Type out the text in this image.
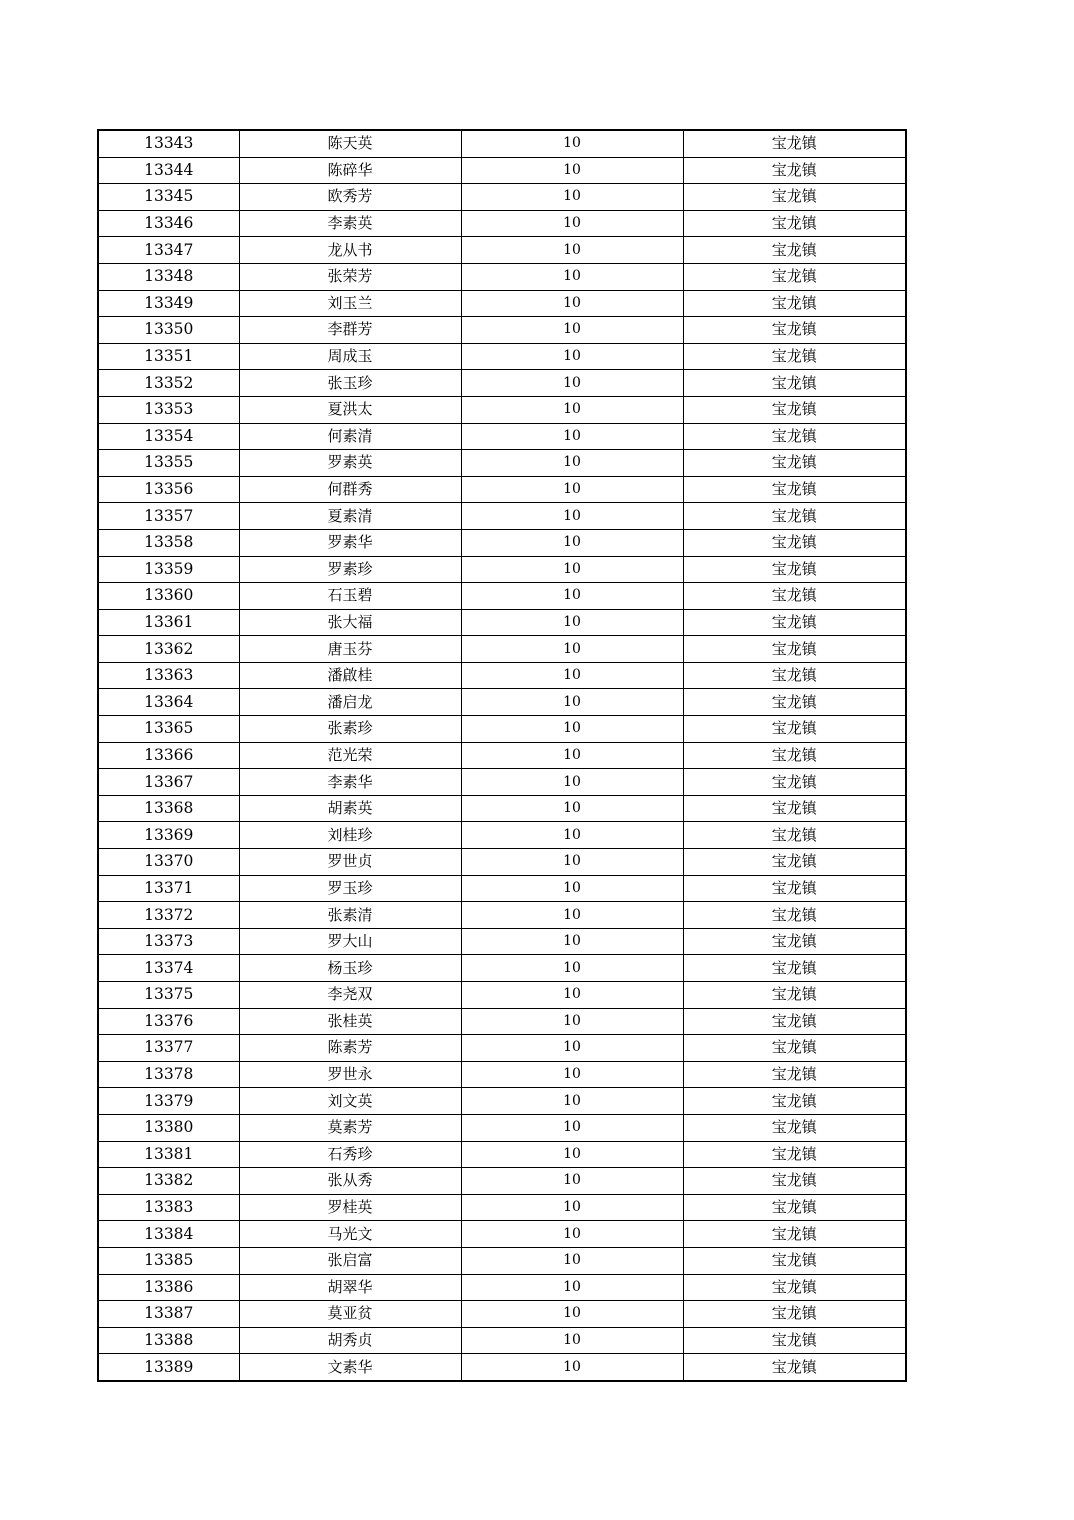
13343	陈天英	10	宝龙镇
13344	陈碎华	10	宝龙镇
13345	欧秀芳	10	宝龙镇
13346	李素英	10	宝龙镇
13347	龙从书	10	宝龙镇
13348	张荣芳	10	宝龙镇
13349	刘玉兰	10	宝龙镇
13350	李群芳	10	宝龙镇
13351	周成玉	10	宝龙镇
13352	张玉珍	10	宝龙镇
13353	夏洪太	10	宝龙镇
13354	何素清	10	宝龙镇
13355	罗素英	10	宝龙镇
13356	何群秀	10	宝龙镇
13357	夏素清	10	宝龙镇
13358	罗素华	10	宝龙镇
13359	罗素珍	10	宝龙镇
13360	石玉碧	10	宝龙镇
13361	张大福	10	宝龙镇
13362	唐玉芬	10	宝龙镇
13363	潘啟桂	10	宝龙镇
13364	潘启龙	10	宝龙镇
13365	张素珍	10	宝龙镇
13366	范光荣	10	宝龙镇
13367	李素华	10	宝龙镇
13368	胡素英	10	宝龙镇
13369	刘桂珍	10	宝龙镇
13370	罗世贞	10	宝龙镇
13371	罗玉珍	10	宝龙镇
13372	张素清	10	宝龙镇
13373	罗大山	10	宝龙镇
13374	杨玉珍	10	宝龙镇
13375	李尧双	10	宝龙镇
13376	张桂英	10	宝龙镇
13377	陈素芳	10	宝龙镇
13378	罗世永	10	宝龙镇
13379	刘文英	10	宝龙镇
13380	莫素芳	10	宝龙镇
13381	石秀珍	10	宝龙镇
13382	张从秀	10	宝龙镇
13383	罗桂英	10	宝龙镇
13384	马光文	10	宝龙镇
13385	张启富	10	宝龙镇
13386	胡翠华	10	宝龙镇
13387	莫亚贫	10	宝龙镇
13388	胡秀贞	10	宝龙镇
13389	文素华	10	宝龙镇
